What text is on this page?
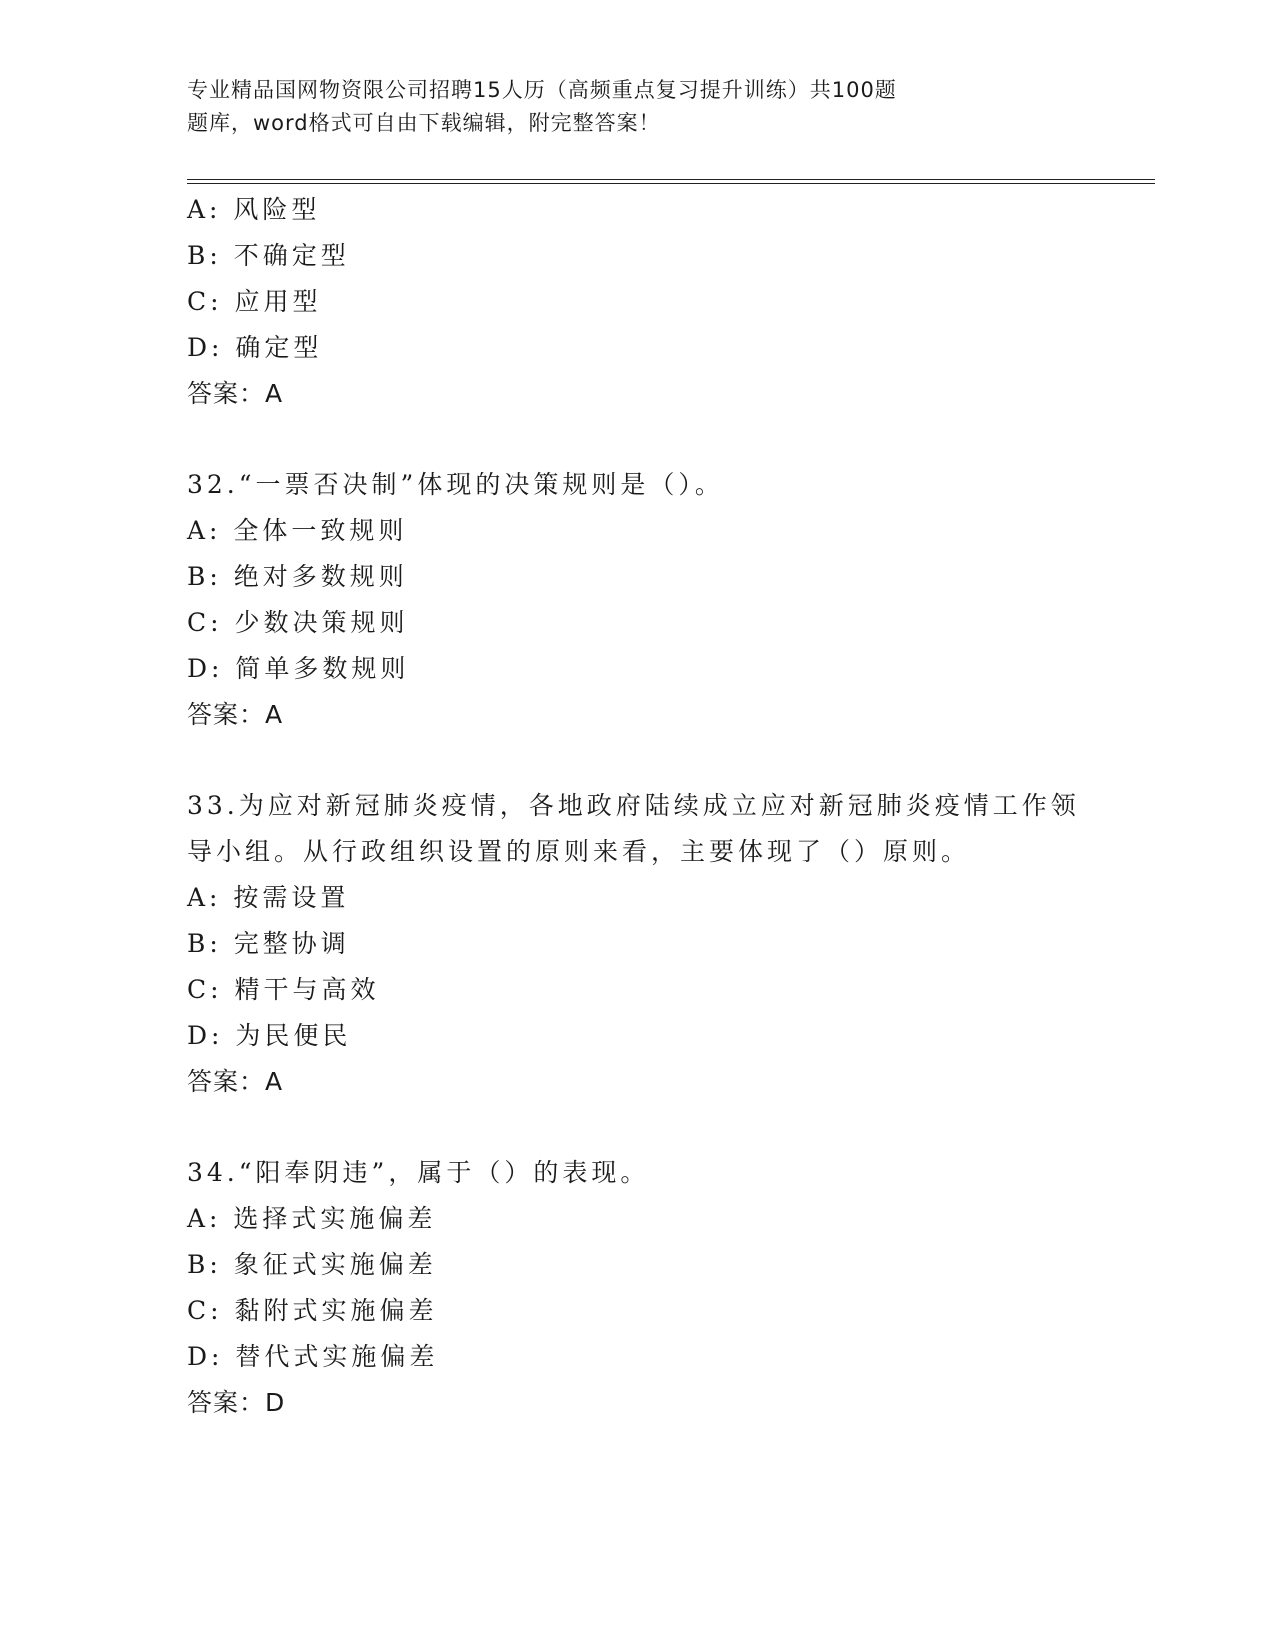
专业精品国网物资限公司招聘15人历（高频重点复习提升训练）共100题
题库，word格式可自由下载编辑，附完整答案！
A: 风险型
B: 不确定型
C: 应用型
D: 确定型
答案：A
32.“一票否决制”体现的决策规则是（）。
A: 全体一致规则
B: 绝对多数规则
C: 少数决策规则
D: 简单多数规则
答案：A
33.为应对新冠肺炎疫情，各地政府陆续成立应对新冠肺炎疫情工作领
导小组。从行政组织设置的原则来看，主要体现了（）原则。
A: 按需设置
B: 完整协调
C: 精干与高效
D: 为民便民
答案：A
34.“阳奉阴违”，属于（）的表现。
A: 选择式实施偏差
B: 象征式实施偏差
C: 黏附式实施偏差
D: 替代式实施偏差
答案：D
